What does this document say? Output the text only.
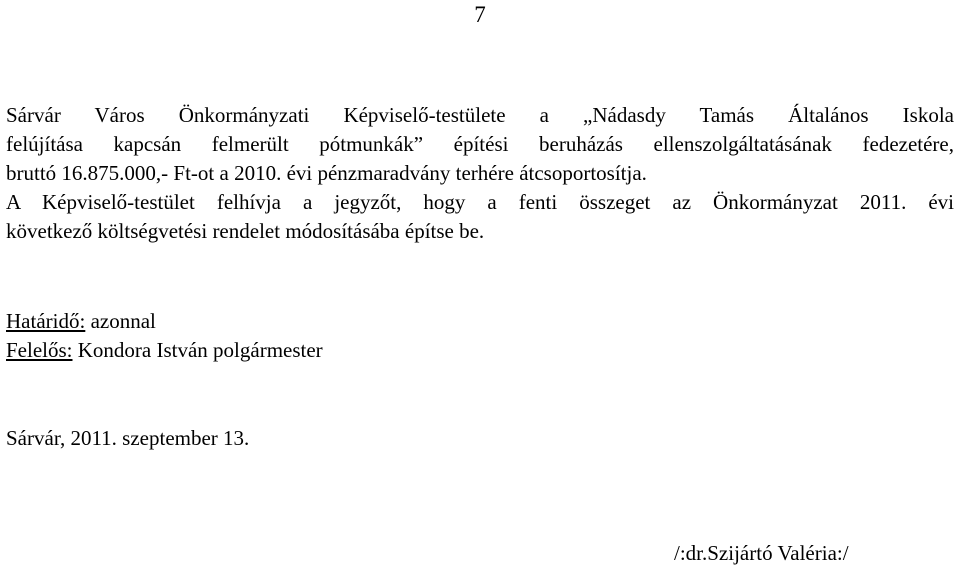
7
Sárvár Város Önkormányzati Képviselő-testülete a „Nádasdy Tamás Általános Iskola
felújítása kapcsán felmerült pótmunkák” építési beruházás ellenszolgáltatásának fedezetére,
bruttó 16.875.000,- Ft-ot a 2010. évi pénzmaradvány terhére átcsoportosítja.
A Képviselő-testület felhívja a jegyzőt, hogy a fenti összeget az Önkormányzat 2011. évi
következő költségvetési rendelet módosításába építse be.
Határidő: azonnal
Felelős: Kondora István polgármester
Sárvár, 2011. szeptember 13.
/:dr.Szijártó Valéria:/
